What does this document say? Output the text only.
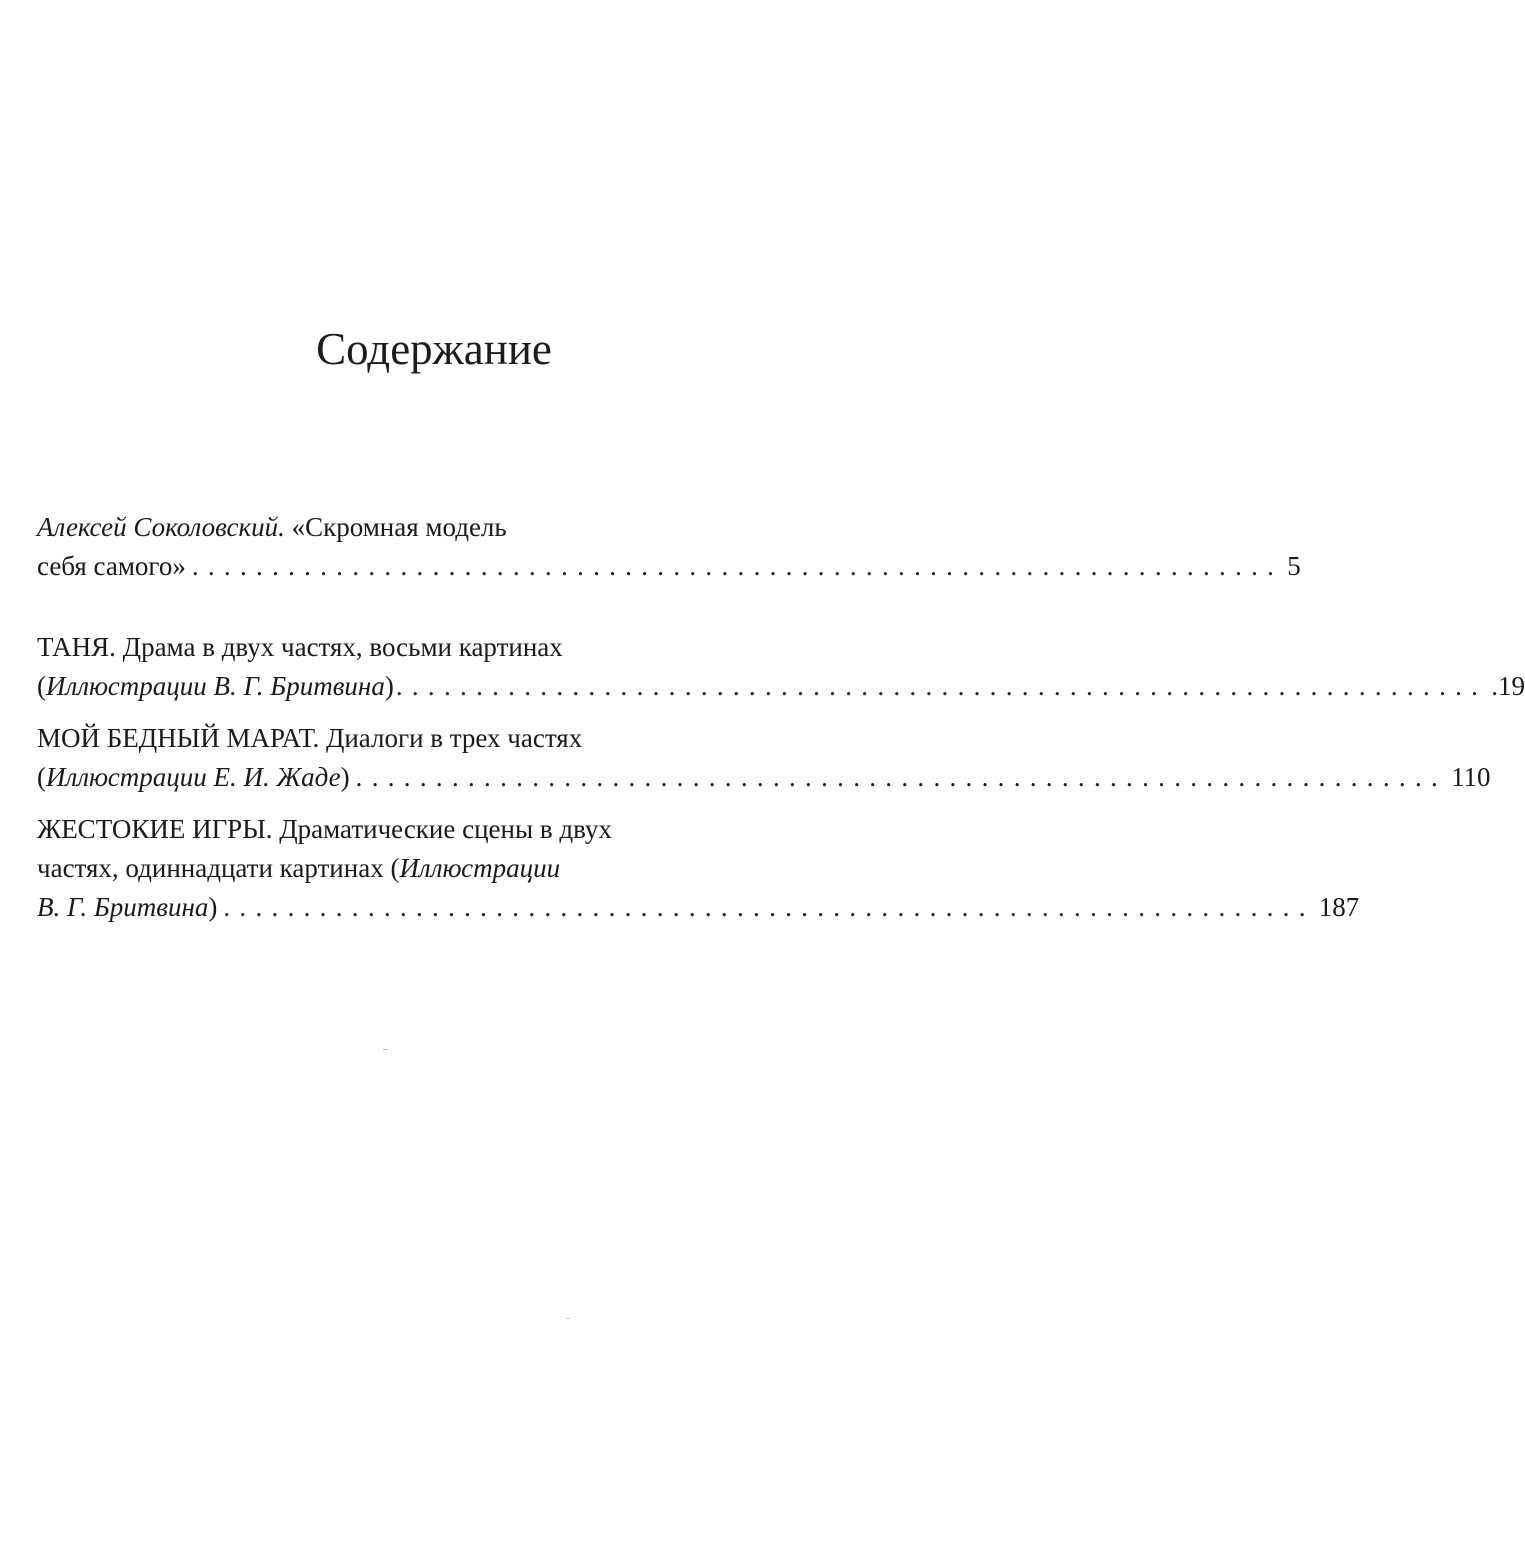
Содержание
Алексей Соколовский. «Скромная модель
себя самого» .................................................................... 5
ТАНЯ. Драма в двух частях, восьми картинах
(Иллюстрации В. Г. Бритвина) .................................................................... .19
МОЙ БЕДНЫЙ МАРАТ. Диалоги в трех частях
(Иллюстрации Е. И. Жаде) .................................................................... 110
ЖЕСТОКИЕ ИГРЫ. Драматические сцены в двух
частях, одиннадцати картинах (Иллюстрации
В. Г. Бритвина) .................................................................... 187
